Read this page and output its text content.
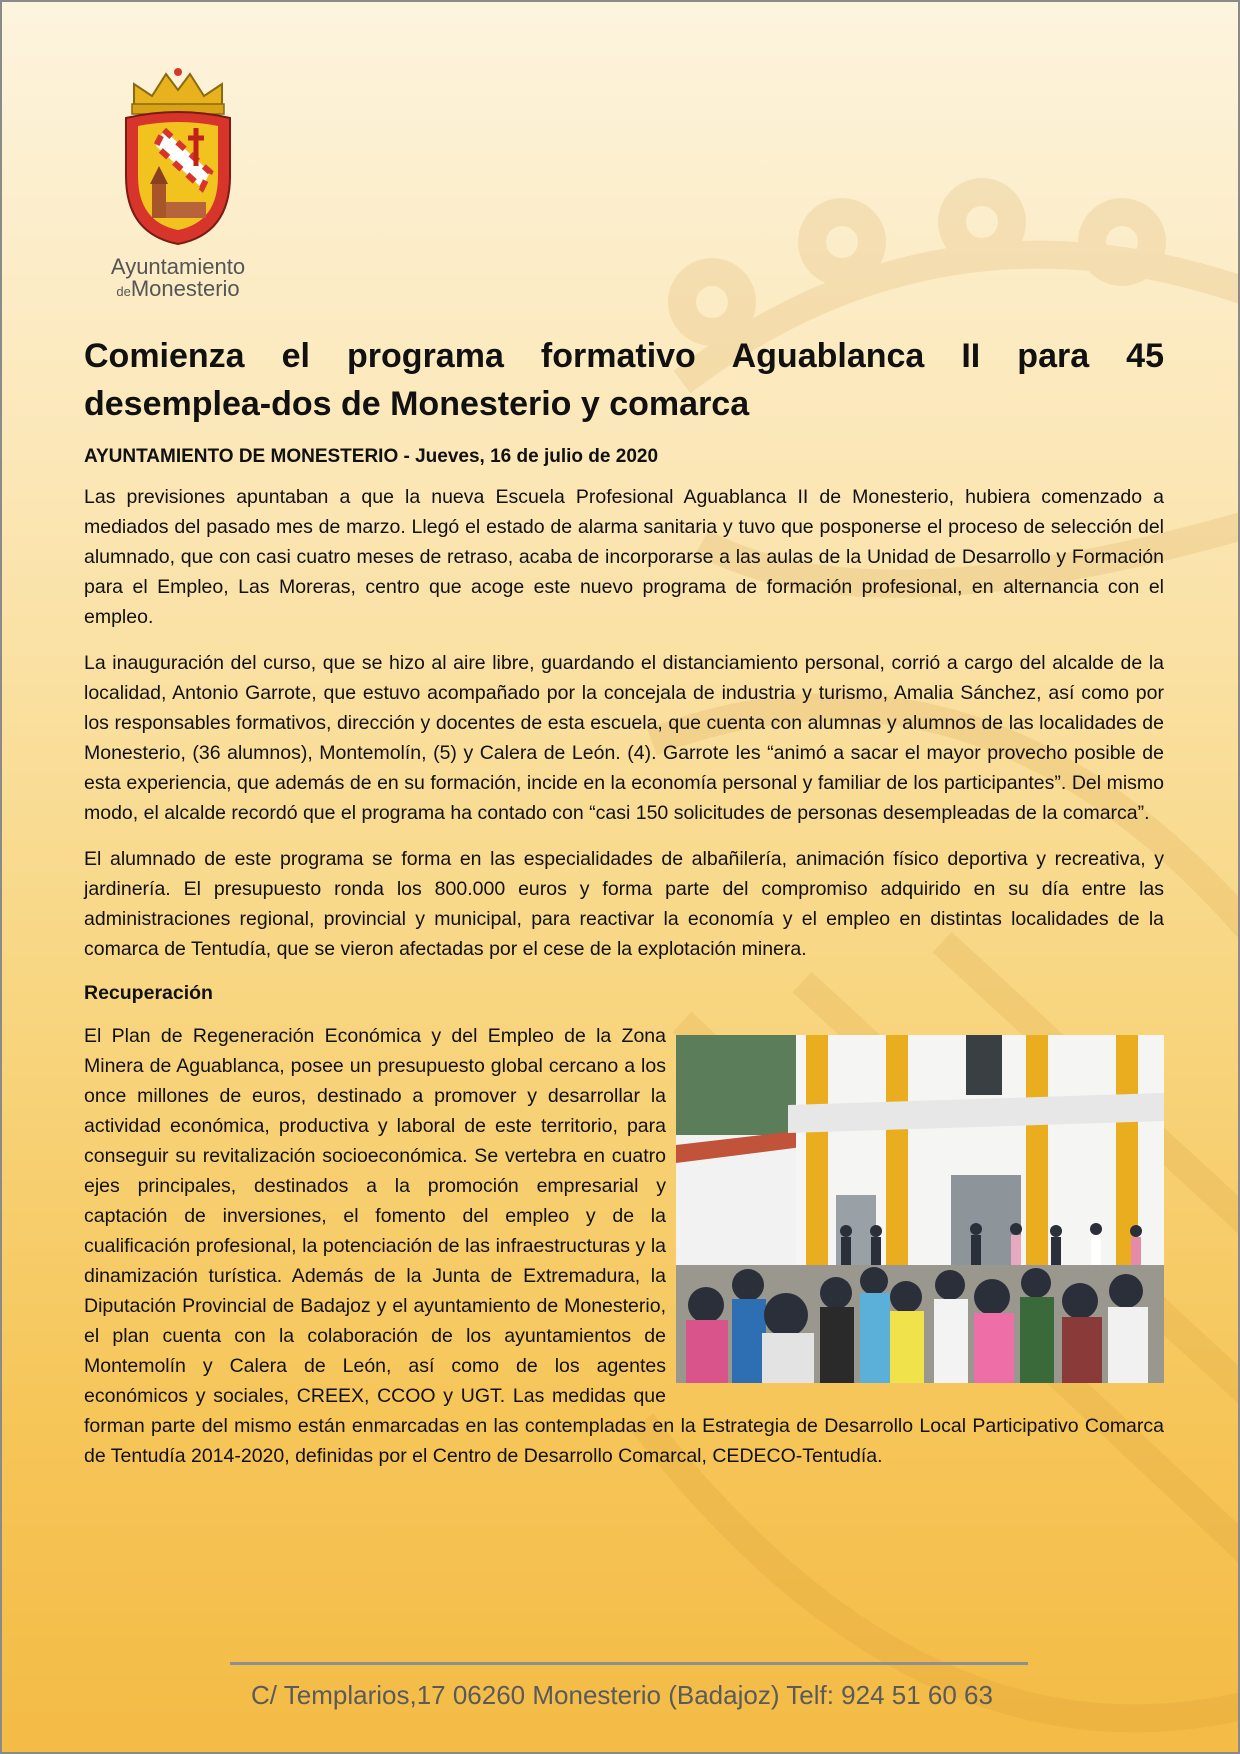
Ayuntamiento
deMonesterio
Comienza el programa formativo Aguablanca II para 45 desemplea-dos de Monesterio y comarca
AYUNTAMIENTO DE MONESTERIO - Jueves, 16 de julio de 2020

Las previsiones apuntaban a que la nueva Escuela Profesional Aguablanca II de Monesterio, hubiera comenzado a mediados del pasado mes de marzo. Llegó el estado de alarma sanitaria y tuvo que posponerse el proceso de selección del alumnado, que con casi cuatro meses de retraso, acaba de incorporarse a las aulas de la Unidad de Desarrollo y Formación para el Empleo, Las Moreras, centro que acoge este nuevo programa de formación profesional, en alternancia con el empleo.

La inauguración del curso, que se hizo al aire libre, guardando el distanciamiento personal, corrió a cargo del alcalde de la localidad, Antonio Garrote, que estuvo acompañado por la concejala de industria y turismo, Amalia Sánchez, así como por los responsables formativos, dirección y docentes de esta escuela, que cuenta con alumnas y alumnos de las localidades de Monesterio, (36 alumnos), Montemolín, (5) y Calera de León. (4). Garrote les “animó a sacar el mayor provecho posible de esta experiencia, que además de en su formación, incide en la economía personal y familiar de los participantes”. Del mismo modo, el alcalde recordó que el programa ha contado con “casi 150 solicitudes de personas desempleadas de la comarca”.

El alumnado de este programa se forma en las especialidades de albañilería, animación físico deportiva y recreativa, y jardinería. El presupuesto ronda los 800.000 euros y forma parte del compromiso adquirido en su día entre las administraciones regional, provincial y municipal, para reactivar la economía y el empleo en distintas localidades de la comarca de Tentudía, que se vieron afectadas por el cese de la explotación minera.

Recuperación

El Plan de Regeneración Económica y del Empleo de la Zona Minera de Aguablanca, posee un presupuesto global cercano a los once millones de euros, destinado a promover y desarrollar la actividad económica, productiva y laboral de este territorio, para conseguir su revitalización socioeconómica. Se vertebra en cuatro ejes principales, destinados a la promoción empresarial y captación de inversiones, el fomento del empleo y de la cualificación profesional, la potenciación de las infraestructuras y la dinamización turística. Además de la Junta de Extremadura, la Diputación Provincial de Badajoz y el ayuntamiento de Monesterio, el plan cuenta con la colaboración de los ayuntamientos de Montemolín y Calera de León, así como de los agentes económicos y sociales, CREEX, CCOO y UGT. Las medidas que forman parte del mismo están enmarcadas en las contempladas en la Estrategia de Desarrollo Local Participativo Comarca de Tentudía 2014-2020, definidas por el Centro de Desarrollo Comarcal, CEDECO-Tentudía.

C/ Templarios,17 06260 Monesterio (Badajoz) Telf: 924 51 60 63
